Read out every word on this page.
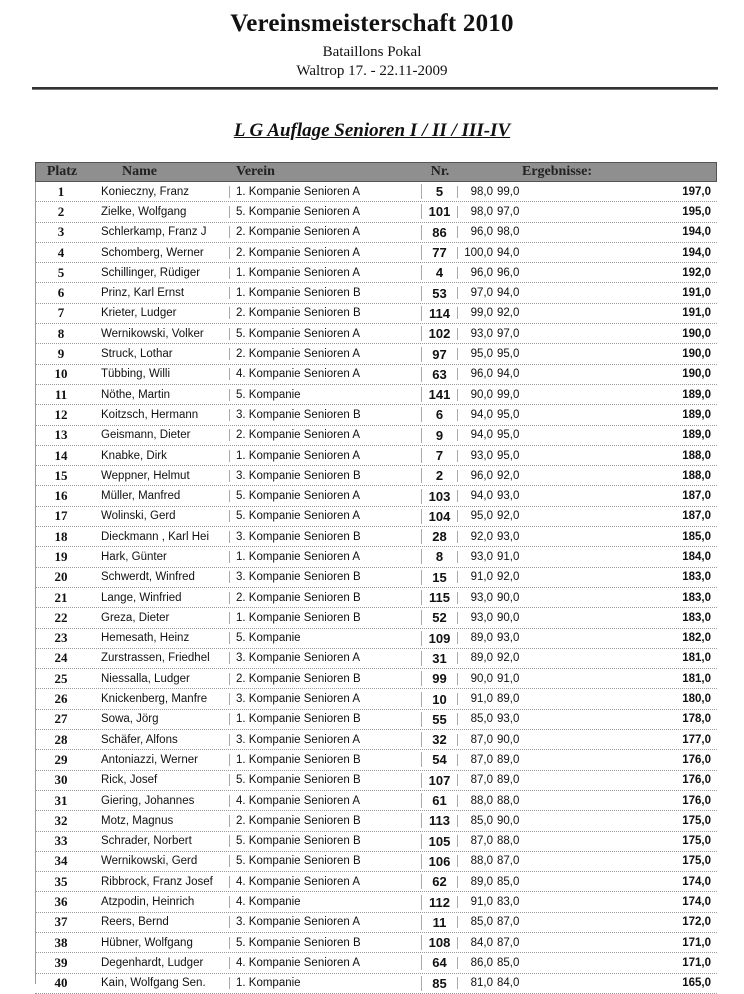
Vereinsmeisterschaft 2010
Bataillons Pokal
Waltrop 17. - 22.11-2009
L G Auflage Senioren I / II / III-IV
Platz	Name	Verein	Nr.	Ergebnisse:
1	Konieczny, Franz	1. Kompanie Senioren A	5	98,0 99,0	197,0
2	Zielke, Wolfgang	5. Kompanie Senioren A	101	98,0 97,0	195,0
3	Schlerkamp, Franz J	2. Kompanie Senioren A	86	96,0 98,0	194,0
4	Schomberg, Werner	2. Kompanie Senioren A	77	100,0 94,0	194,0
5	Schillinger, Rüdiger	1. Kompanie Senioren A	4	96,0 96,0	192,0
6	Prinz, Karl Ernst	1. Kompanie Senioren B	53	97,0 94,0	191,0
7	Krieter, Ludger	2. Kompanie Senioren B	114	99,0 92,0	191,0
8	Wernikowski, Volker	5. Kompanie Senioren A	102	93,0 97,0	190,0
9	Struck, Lothar	2. Kompanie Senioren A	97	95,0 95,0	190,0
10	Tübbing, Willi	4. Kompanie Senioren A	63	96,0 94,0	190,0
11	Nöthe, Martin	5. Kompanie	141	90,0 99,0	189,0
12	Koitzsch, Hermann	3. Kompanie Senioren B	6	94,0 95,0	189,0
13	Geismann, Dieter	2. Kompanie Senioren A	9	94,0 95,0	189,0
14	Knabke, Dirk	1. Kompanie Senioren A	7	93,0 95,0	188,0
15	Weppner, Helmut	3. Kompanie Senioren B	2	96,0 92,0	188,0
16	Müller, Manfred	5. Kompanie Senioren A	103	94,0 93,0	187,0
17	Wolinski, Gerd	5. Kompanie Senioren A	104	95,0 92,0	187,0
18	Dieckmann , Karl Hei	3. Kompanie Senioren B	28	92,0 93,0	185,0
19	Hark, Günter	1. Kompanie Senioren A	8	93,0 91,0	184,0
20	Schwerdt, Winfred	3. Kompanie Senioren B	15	91,0 92,0	183,0
21	Lange, Winfried	2. Kompanie Senioren B	115	93,0 90,0	183,0
22	Greza, Dieter	1. Kompanie Senioren B	52	93,0 90,0	183,0
23	Hemesath, Heinz	5. Kompanie	109	89,0 93,0	182,0
24	Zurstrassen, Friedhel	3. Kompanie Senioren A	31	89,0 92,0	181,0
25	Niessalla, Ludger	2. Kompanie Senioren B	99	90,0 91,0	181,0
26	Knickenberg, Manfre	3. Kompanie Senioren A	10	91,0 89,0	180,0
27	Sowa, Jörg	1. Kompanie Senioren B	55	85,0 93,0	178,0
28	Schäfer, Alfons	3. Kompanie Senioren A	32	87,0 90,0	177,0
29	Antoniazzi, Werner	1. Kompanie Senioren B	54	87,0 89,0	176,0
30	Rick, Josef	5. Kompanie Senioren B	107	87,0 89,0	176,0
31	Giering, Johannes	4. Kompanie Senioren A	61	88,0 88,0	176,0
32	Motz, Magnus	2. Kompanie Senioren B	113	85,0 90,0	175,0
33	Schrader, Norbert	5. Kompanie Senioren B	105	87,0 88,0	175,0
34	Wernikowski, Gerd	5. Kompanie Senioren B	106	88,0 87,0	175,0
35	Ribbrock, Franz Josef	4. Kompanie Senioren A	62	89,0 85,0	174,0
36	Atzpodin, Heinrich	4. Kompanie	112	91,0 83,0	174,0
37	Reers, Bernd	3. Kompanie Senioren A	11	85,0 87,0	172,0
38	Hübner, Wolfgang	5. Kompanie Senioren B	108	84,0 87,0	171,0
39	Degenhardt, Ludger	4. Kompanie Senioren A	64	86,0 85,0	171,0
40	Kain, Wolfgang Sen.	1. Kompanie	85	81,0 84,0	165,0
